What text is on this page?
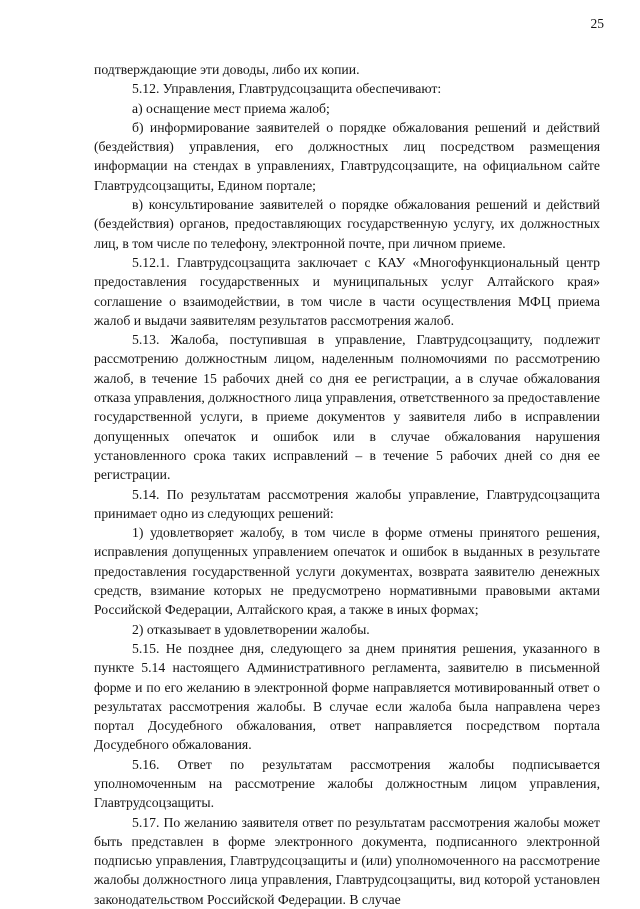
25

подтверждающие эти доводы, либо их копии.

5.12. Управления, Главтрудсоцзащита обеспечивают:

а) оснащение мест приема жалоб;

б) информирование заявителей о порядке обжалования решений и действий (бездействия) управления, его должностных лиц посредством размещения информации на стендах в управлениях, Главтрудсоцзащите, на официальном сайте Главтрудсоцзащиты, Едином портале;

в) консультирование заявителей о порядке обжалования решений и действий (бездействия) органов, предоставляющих государственную услугу, их должностных лиц, в том числе по телефону, электронной почте, при личном приеме.

5.12.1. Главтрудсоцзащита заключает с КАУ «Многофункциональный центр предоставления государственных и муниципальных услуг Алтайского края» соглашение о взаимодействии, в том числе в части осуществления МФЦ приема жалоб и выдачи заявителям результатов рассмотрения жалоб.

5.13. Жалоба, поступившая в управление, Главтрудсоцзащиту, подлежит рассмотрению должностным лицом, наделенным полномочиями по рассмотрению жалоб, в течение 15 рабочих дней со дня ее регистрации, а в случае обжалования отказа управления, должностного лица управления, ответственного за предоставление государственной услуги, в приеме документов у заявителя либо в исправлении допущенных опечаток и ошибок или в случае обжалования нарушения установленного срока таких исправлений – в течение 5 рабочих дней со дня ее регистрации.

5.14. По результатам рассмотрения жалобы управление, Главтрудсоцзащита принимает одно из следующих решений:

1) удовлетворяет жалобу, в том числе в форме отмены принятого решения, исправления допущенных управлением опечаток и ошибок в выданных в результате предоставления государственной услуги документах, возврата заявителю денежных средств, взимание которых не предусмотрено нормативными правовыми актами Российской Федерации, Алтайского края, а также в иных формах;

2) отказывает в удовлетворении жалобы.

5.15. Не позднее дня, следующего за днем принятия решения, указанного в пункте 5.14 настоящего Административного регламента, заявителю в письменной форме и по его желанию в электронной форме направляется мотивированный ответ о результатах рассмотрения жалобы. В случае если жалоба была направлена через портал Досудебного обжалования, ответ направляется посредством портала Досудебного обжалования.

5.16. Ответ по результатам рассмотрения жалобы подписывается уполномоченным на рассмотрение жалобы должностным лицом управления, Главтрудсоцзащиты.

5.17. По желанию заявителя ответ по результатам рассмотрения жалобы может быть представлен в форме электронного документа, подписанного электронной подписью управления, Главтрудсоцзащиты и (или) уполномоченного на рассмотрение жалобы должностного лица управления, Главтрудсоцзащиты, вид которой установлен законодательством Российской Федерации. В случае
